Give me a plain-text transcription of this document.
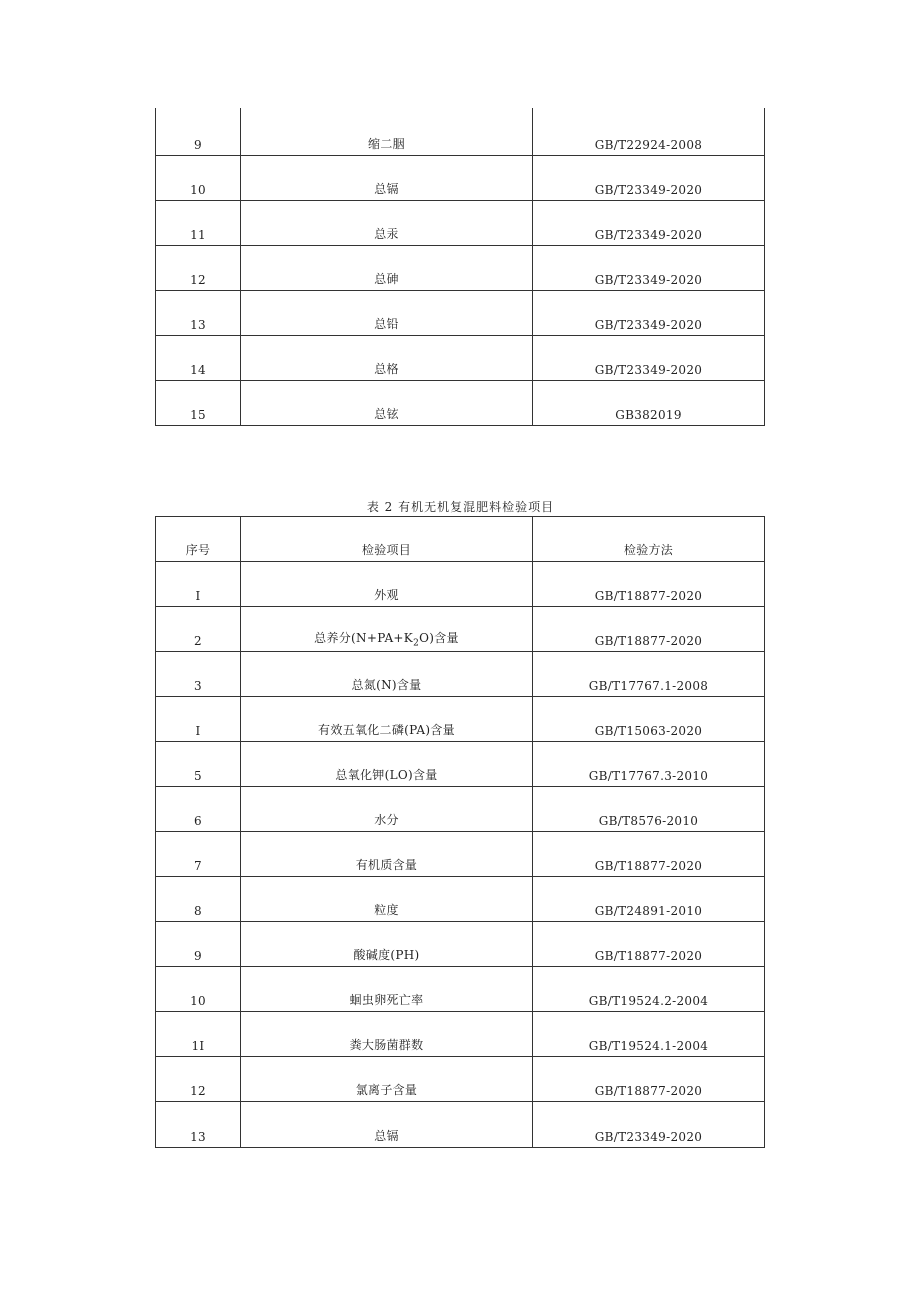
9	缩二胭	GB/T22924-2008
10	总镉	GB/T23349-2020
11	总汞	GB/T23349-2020
12	总砷	GB/T23349-2020
13	总铅	GB/T23349-2020
14	总格	GB/T23349-2020
15	总铉	GB382019
表 2 有机无机复混肥料检验项目
序号	检验项目	检验方法
I	外观	GB/T18877-2020
2	总养分$(N+PA+K_2O)$含量	GB/T18877-2020
3	总氮(N)含量	GB/T17767.1-2008
I	有效五氧化二磷(PA)含量	GB/T15063-2020
5	总氧化钾(LO)含量	GB/T17767.3-2010
6	水分	GB/T8576-2010
7	有机质含量	GB/T18877-2020
8	粒度	GB/T24891-2010
9	酸碱度(PH)	GB/T18877-2020
10	蛔虫卵死亡率	GB/T19524.2-2004
1I	粪大肠菌群数	GB/T19524.1-2004
12	氯离子含量	GB/T18877-2020
13	总镉	GB/T23349-2020
